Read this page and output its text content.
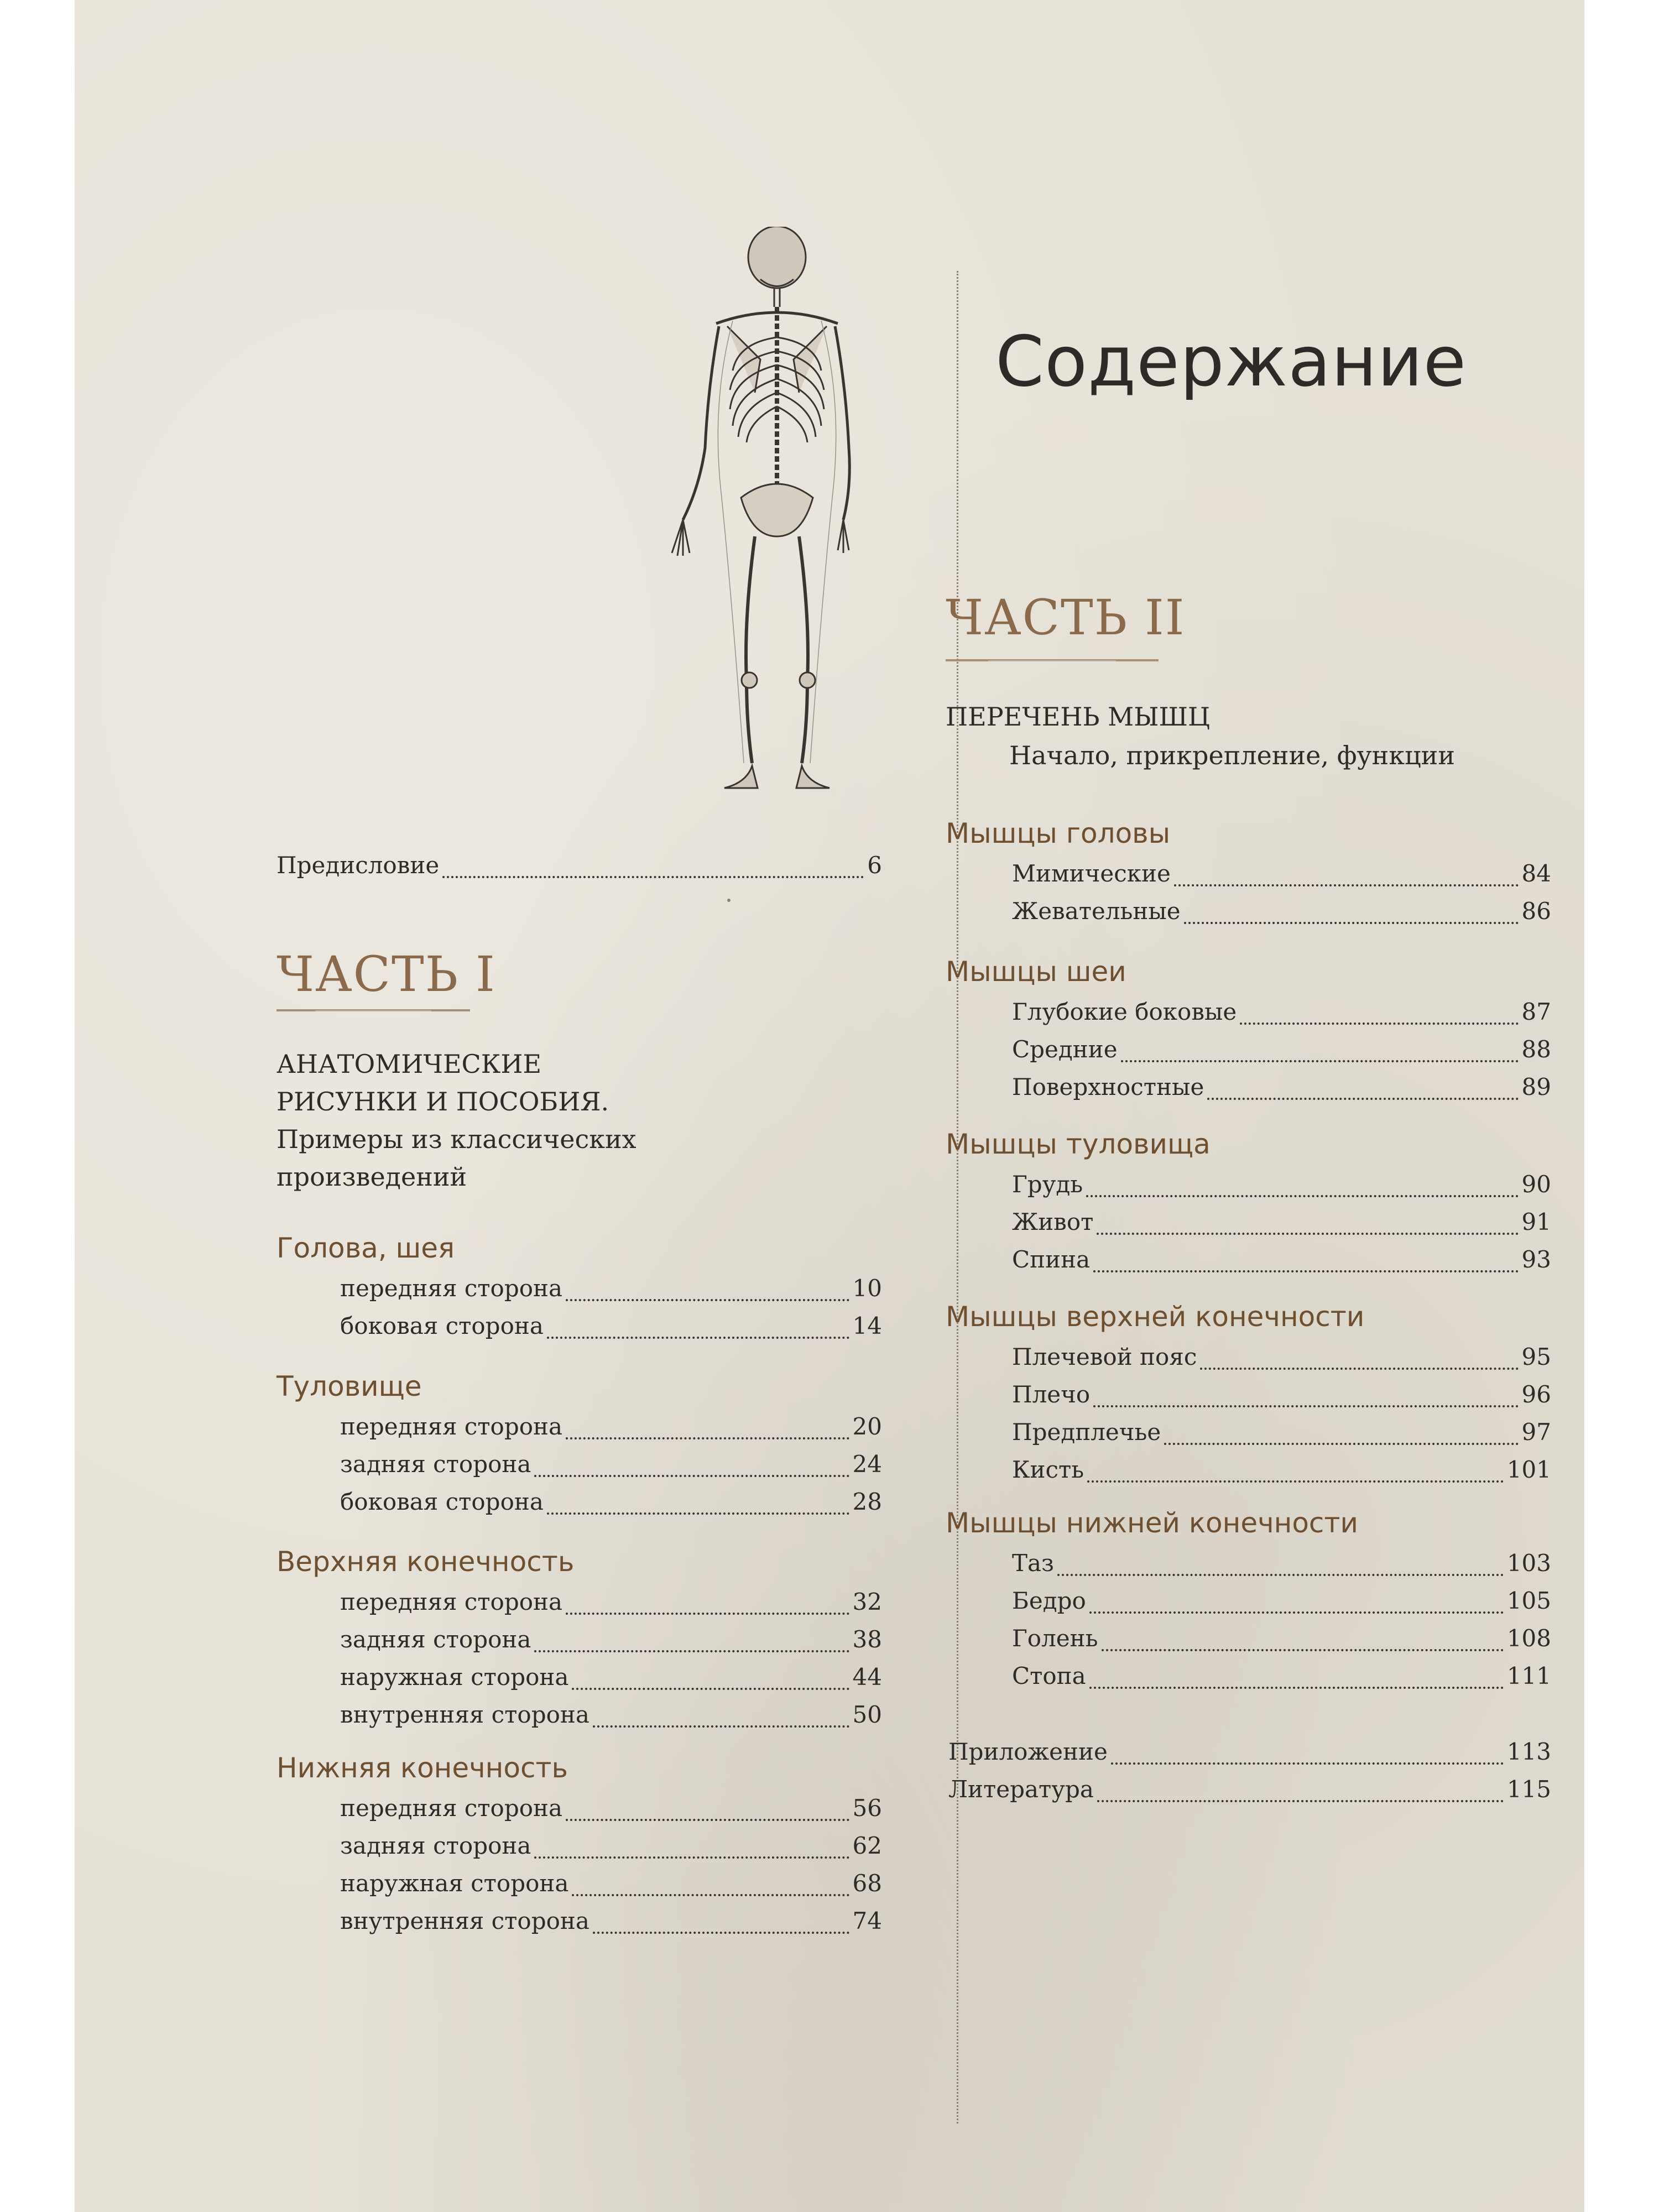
Содержание
Предисловие	6
ЧАСТЬ I
АНАТОМИЧЕСКИЕ
РИСУНКИ И ПОСОБИЯ.
Примеры из классических
произведений
Голова, шея
передняя сторона	10
боковая сторона	14
Туловище
передняя сторона	20
задняя сторона	24
боковая сторона	28
Верхняя конечность
передняя сторона	32
задняя сторона	38
наружная сторона	44
внутренняя сторона	50
Нижняя конечность
передняя сторона	56
задняя сторона	62
наружная сторона	68
внутренняя сторона	74
ЧАСТЬ II
ПЕРЕЧЕНЬ МЫШЦ
Начало, прикрепление, функции
Мышцы головы
Мимические	84
Жевательные	86
Мышцы шеи
Глубокие боковые	87
Средние	88
Поверхностные	89
Мышцы туловища
Грудь	90
Живот	91
Спина	93
Мышцы верхней конечности
Плечевой пояс	95
Плечо	96
Предплечье	97
Кисть	101
Мышцы нижней конечности
Таз	103
Бедро	105
Голень	108
Стопа	111
Приложение	113
Литература	115
